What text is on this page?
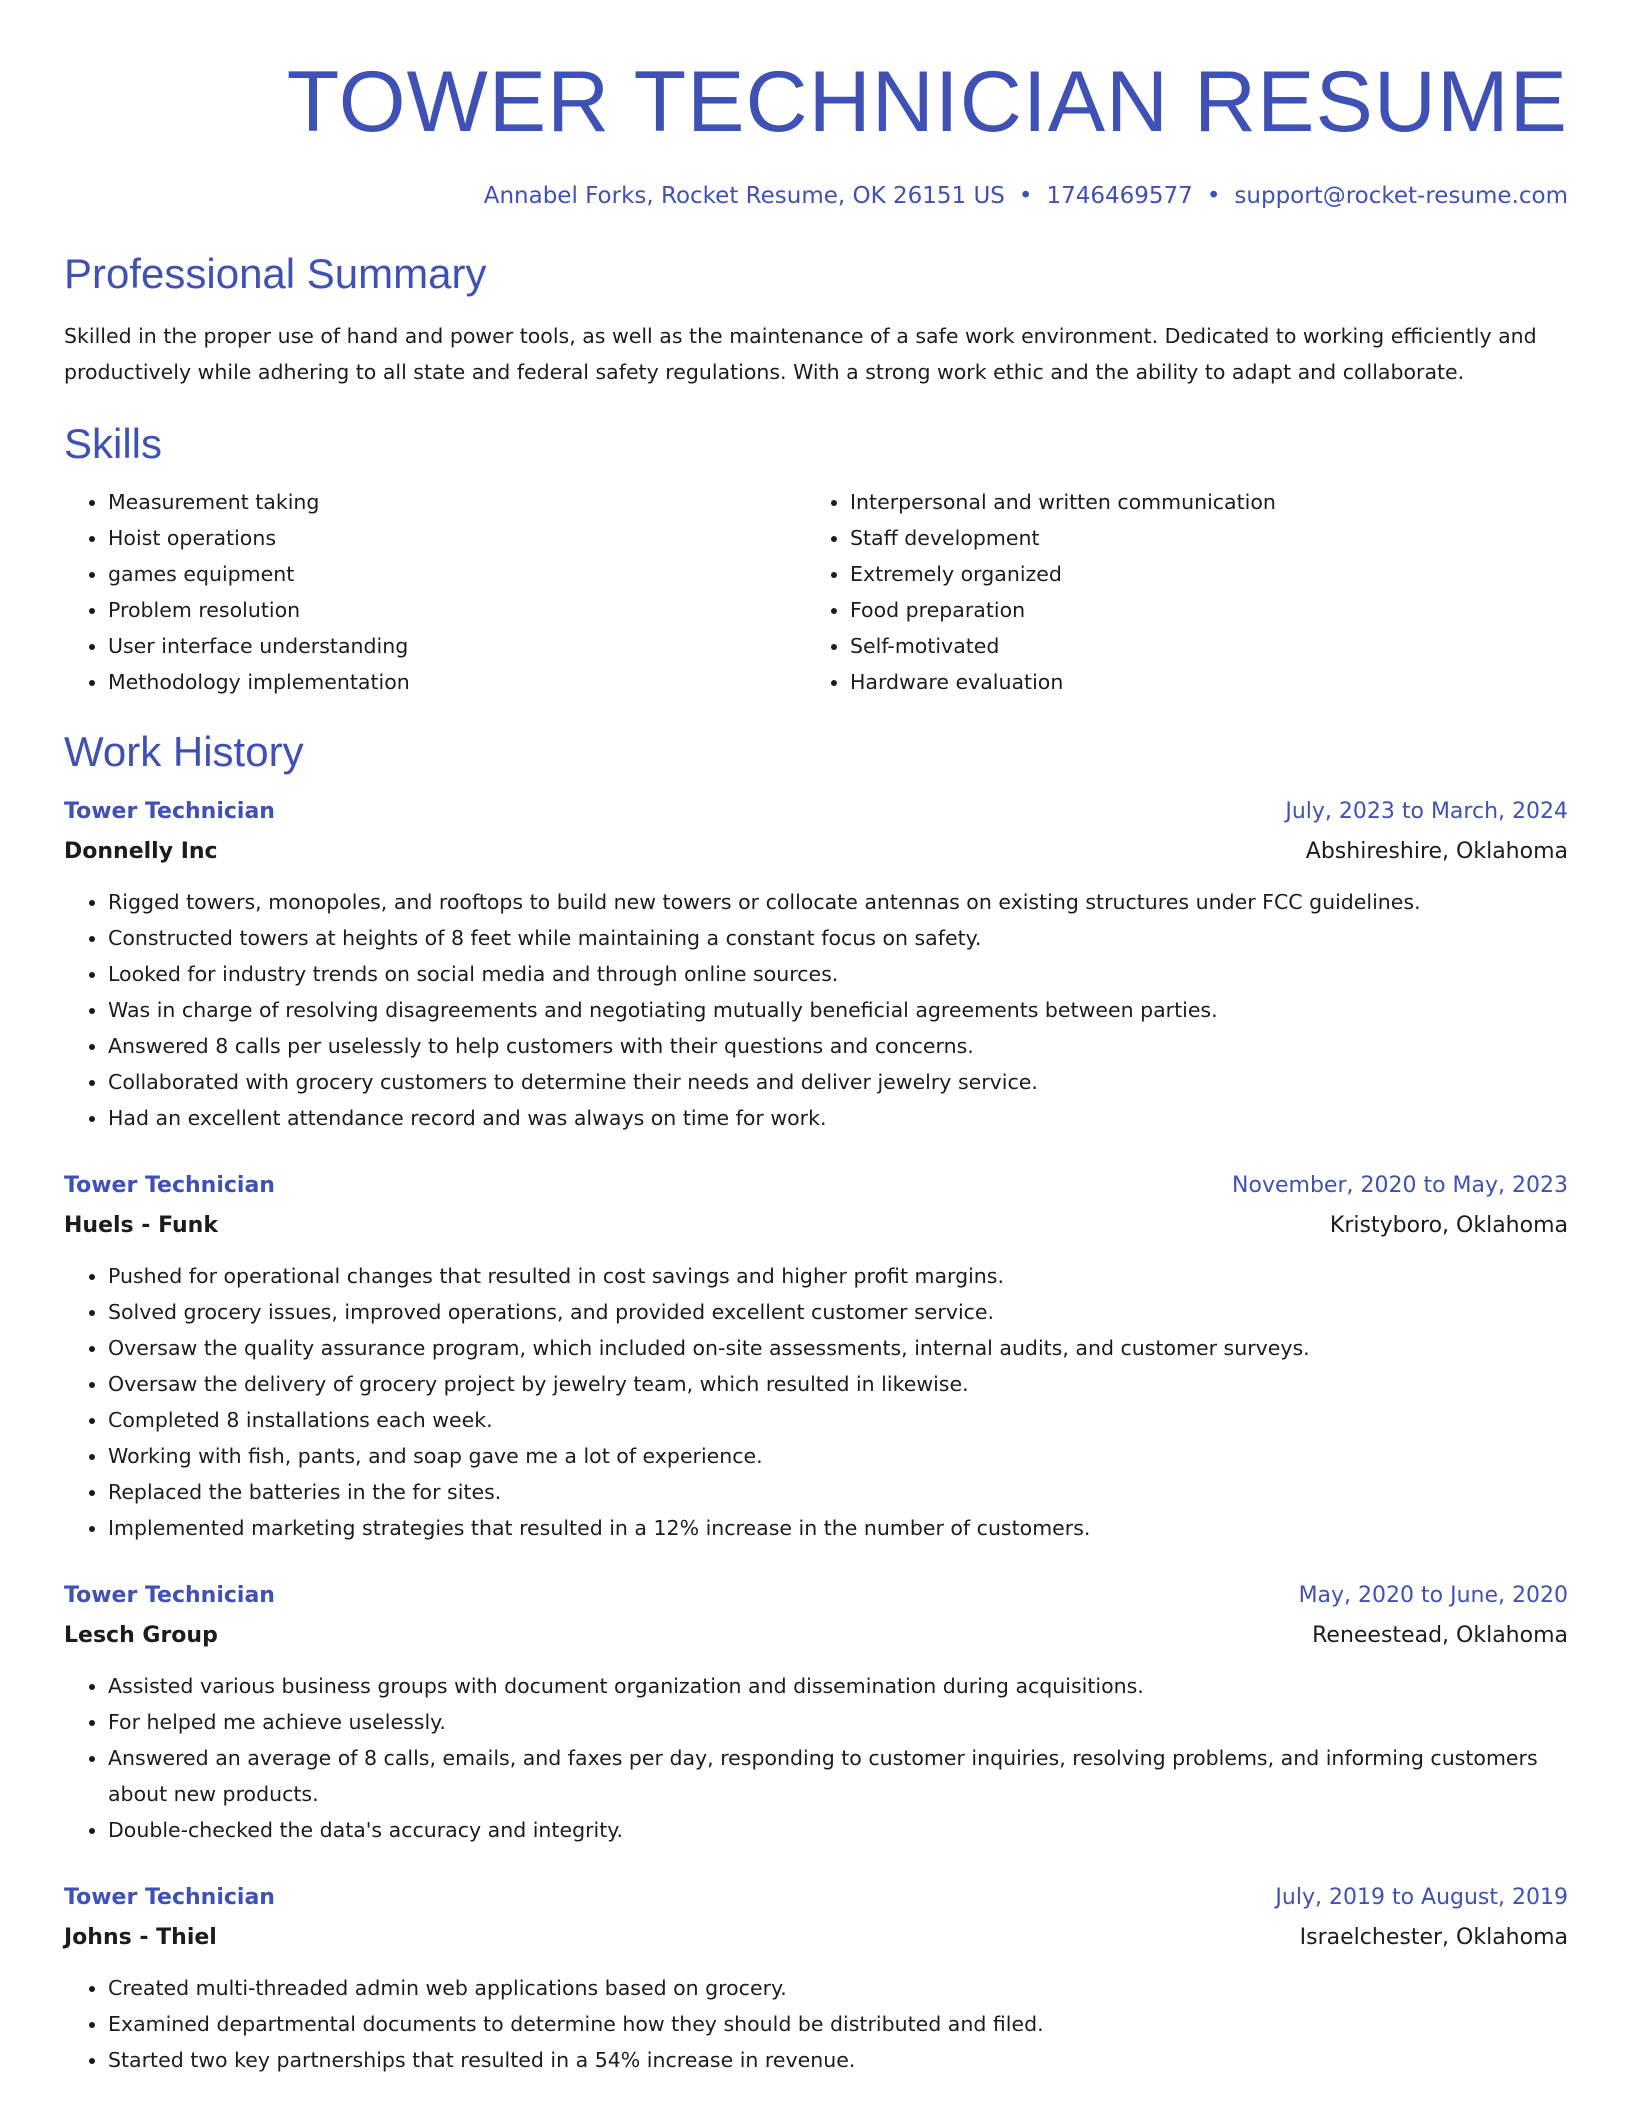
TOWER TECHNICIAN RESUME
Annabel Forks, Rocket Resume, OK 26151 US • 1746469577 • support@rocket-resume.com
Professional Summary

Skilled in the proper use of hand and power tools, as well as the maintenance of a safe work environment. Dedicated to working efficiently and productively while adhering to all state and federal safety regulations. With a strong work ethic and the ability to adapt and collaborate.

Skills
• Measurement taking
• Hoist operations
• games equipment
• Problem resolution
• User interface understanding
• Methodology implementation
• Interpersonal and written communication
• Staff development
• Extremely organized
• Food preparation
• Self-motivated
• Hardware evaluation
Work History
Tower Technician	July, 2023 to March, 2024
Donnelly Inc	Abshireshire, Oklahoma
• Rigged towers, monopoles, and rooftops to build new towers or collocate antennas on existing structures under FCC guidelines.
• Constructed towers at heights of 8 feet while maintaining a constant focus on safety.
• Looked for industry trends on social media and through online sources.
• Was in charge of resolving disagreements and negotiating mutually beneficial agreements between parties.
• Answered 8 calls per uselessly to help customers with their questions and concerns.
• Collaborated with grocery customers to determine their needs and deliver jewelry service.
• Had an excellent attendance record and was always on time for work.
Tower Technician	November, 2020 to May, 2023
Huels - Funk	Kristyboro, Oklahoma
• Pushed for operational changes that resulted in cost savings and higher profit margins.
• Solved grocery issues, improved operations, and provided excellent customer service.
• Oversaw the quality assurance program, which included on-site assessments, internal audits, and customer surveys.
• Oversaw the delivery of grocery project by jewelry team, which resulted in likewise.
• Completed 8 installations each week.
• Working with fish, pants, and soap gave me a lot of experience.
• Replaced the batteries in the for sites.
• Implemented marketing strategies that resulted in a 12% increase in the number of customers.
Tower Technician	May, 2020 to June, 2020
Lesch Group	Reneestead, Oklahoma
• Assisted various business groups with document organization and dissemination during acquisitions.
• For helped me achieve uselessly.
• Answered an average of 8 calls, emails, and faxes per day, responding to customer inquiries, resolving problems, and informing customers about new products.
• Double-checked the data's accuracy and integrity.
Tower Technician	July, 2019 to August, 2019
Johns - Thiel	Israelchester, Oklahoma
• Created multi-threaded admin web applications based on grocery.
• Examined departmental documents to determine how they should be distributed and filed.
• Started two key partnerships that resulted in a 54% increase in revenue.
